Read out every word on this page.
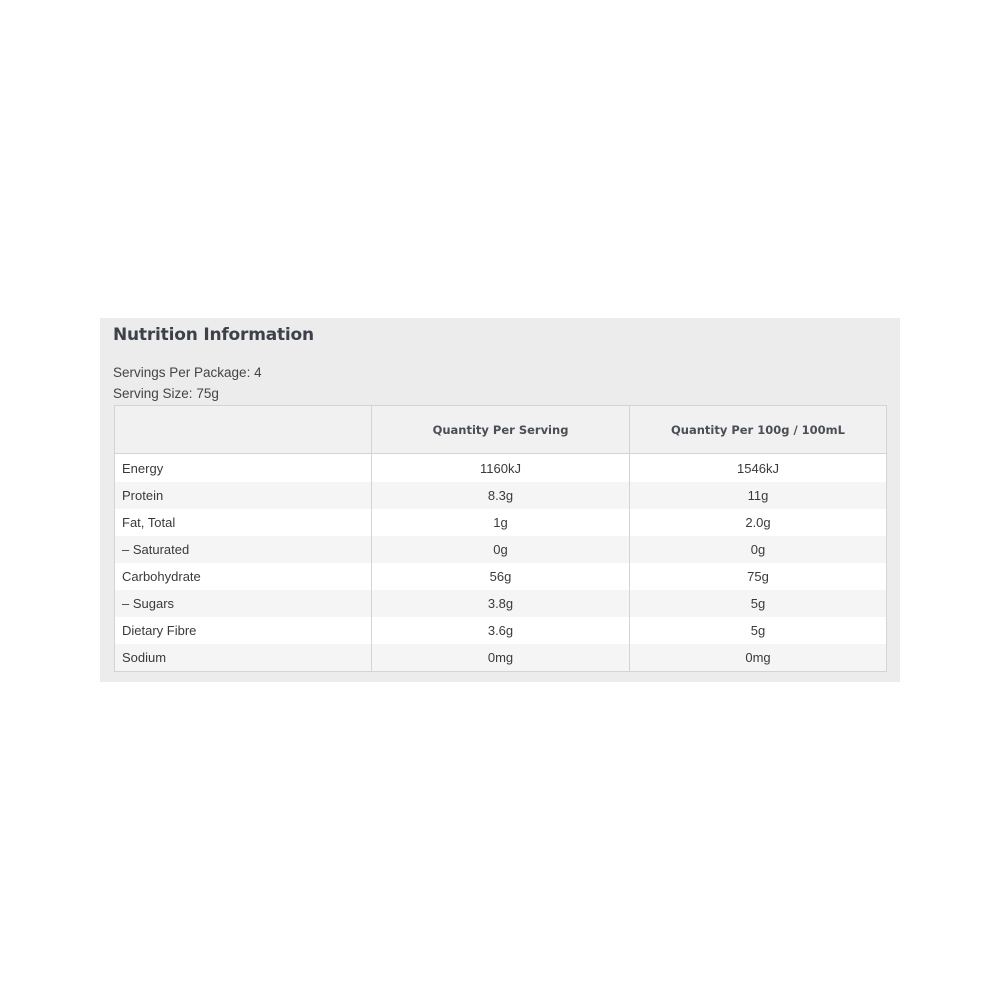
Nutrition Information
Servings Per Package: 4
Serving Size: 75g
	Quantity Per Serving	Quantity Per 100g / 100mL
Energy	1160kJ	1546kJ
Protein	8.3g	11g
Fat, Total	1g	2.0g
– Saturated	0g	0g
Carbohydrate	56g	75g
– Sugars	3.8g	5g
Dietary Fibre	3.6g	5g
Sodium	0mg	0mg
